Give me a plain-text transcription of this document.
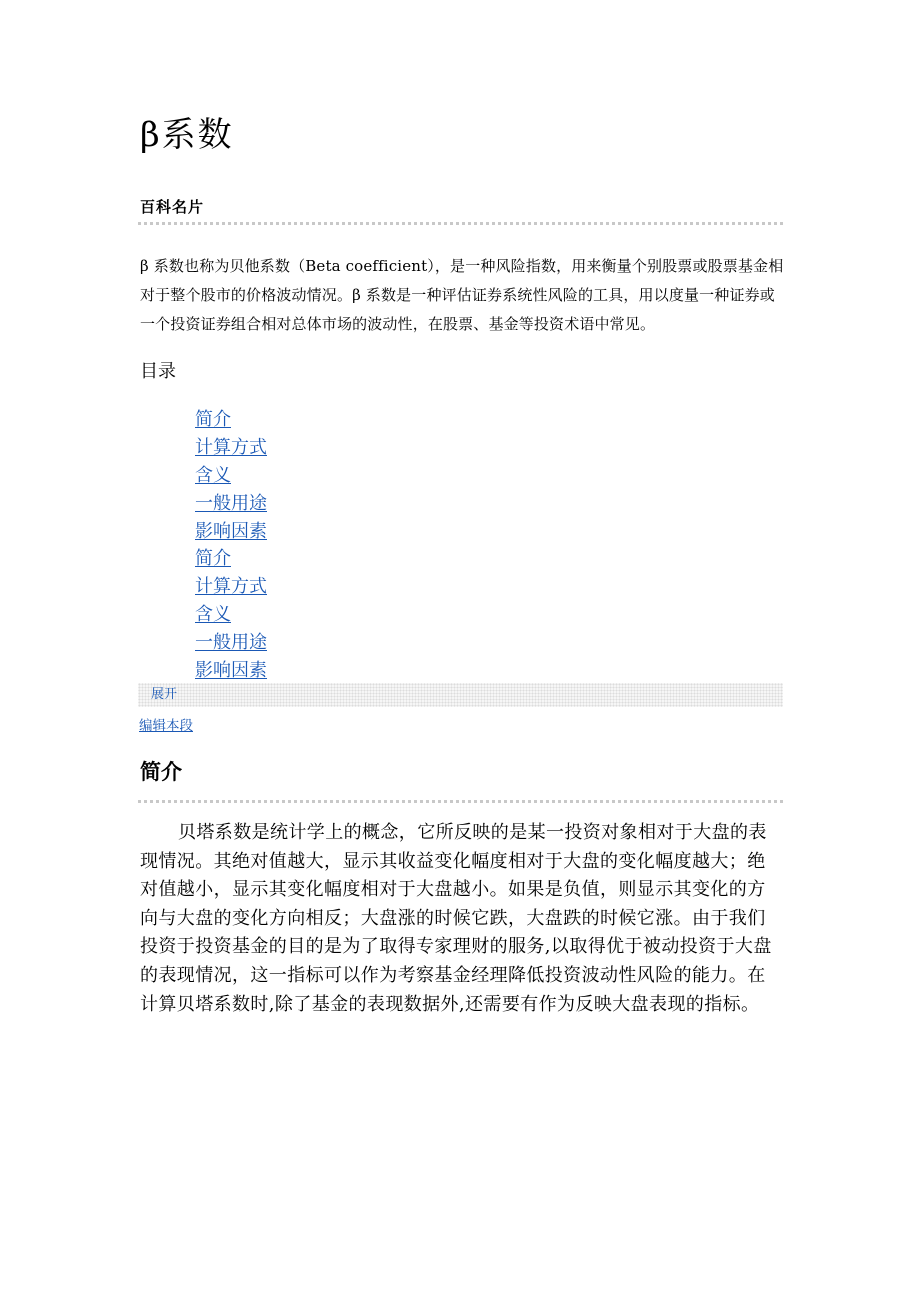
β系数
百科名片

β 系数也称为贝他系数（Beta coefficient），是一种风险指数，用来衡量个别股票或股票基金相对于整个股市的价格波动情况。β 系数是一种评估证券系统性风险的工具，用以度量一种证券或一个投资证券组合相对总体市场的波动性，在股票、基金等投资术语中常见。

目录
简介
计算方式
含义
一般用途
影响因素
简介
计算方式
含义
一般用途
影响因素
展开
编辑本段
简介

贝塔系数是统计学上的概念，它所反映的是某一投资对象相对于大盘的表现情况。其绝对值越大，显示其收益变化幅度相对于大盘的变化幅度越大；绝对值越小，显示其变化幅度相对于大盘越小。如果是负值，则显示其变化的方向与大盘的变化方向相反；大盘涨的时候它跌，大盘跌的时候它涨。由于我们投资于投资基金的目的是为了取得专家理财的服务,以取得优于被动投资于大盘的表现情况，这一指标可以作为考察基金经理降低投资波动性风险的能力。在计算贝塔系数时,除了基金的表现数据外,还需要有作为反映大盘表现的指标。
